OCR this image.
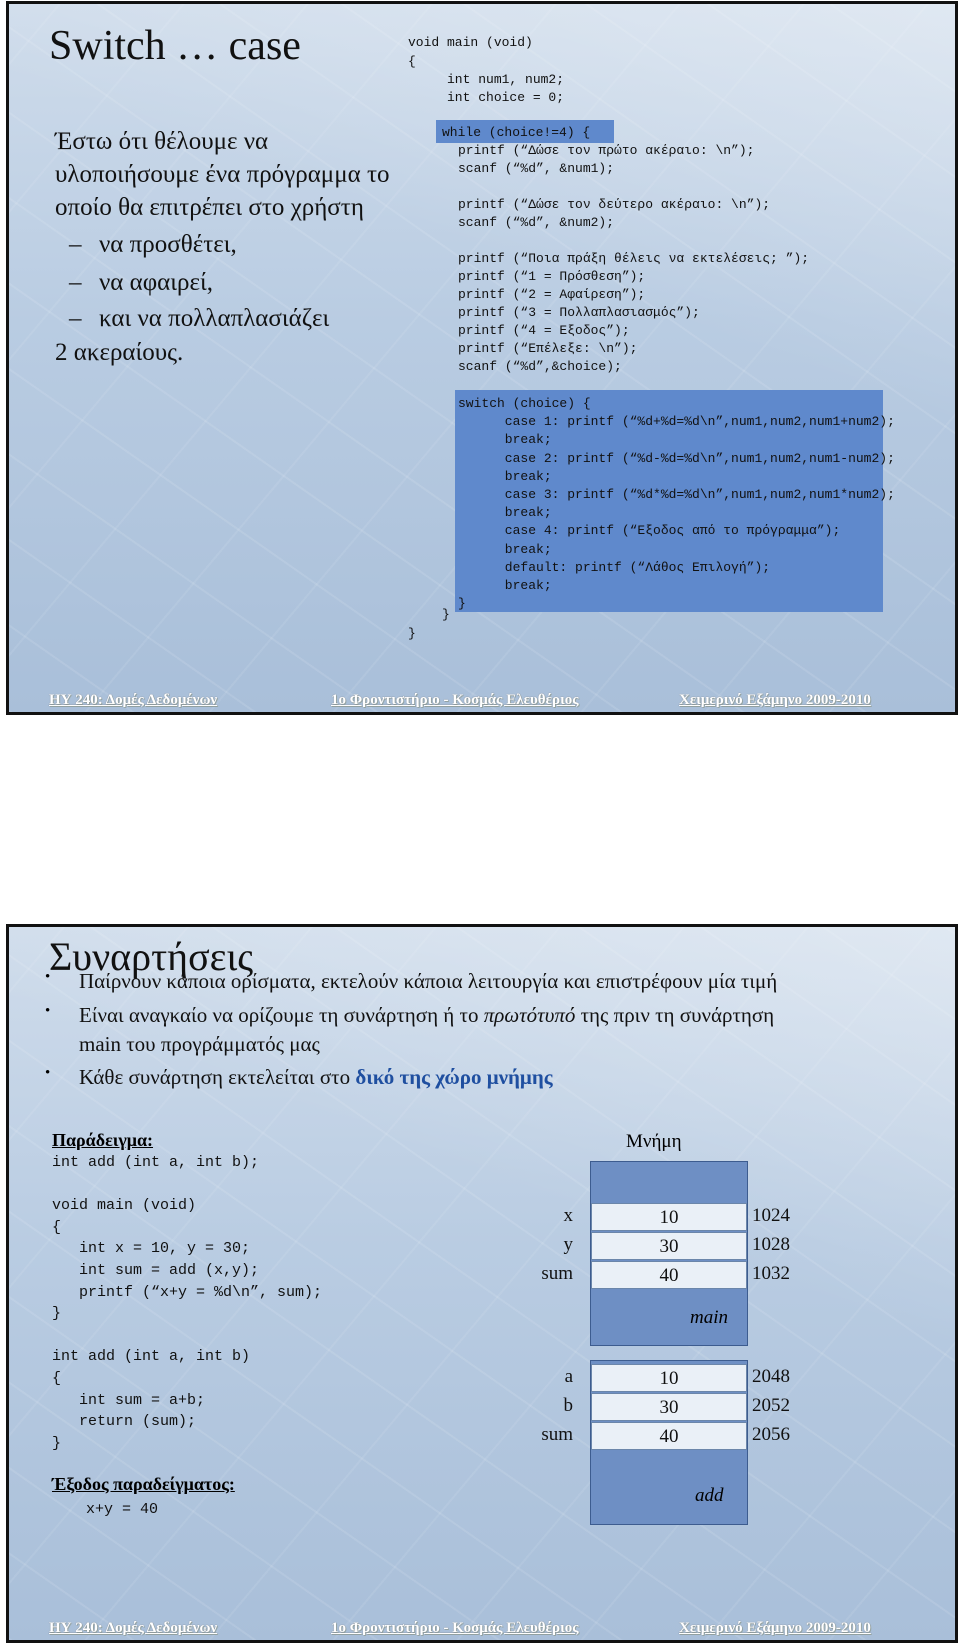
Switch … case
Έστω ότι θέλουμε να
υλοποιήσουμε ένα πρόγραμμα το
οποίο θα επιτρέπει στο χρήστη
– να προσθέτει,
– να αφαιρεί,
– και να πολλαπλασιάζει
2 ακεραίους.
void main (void)
{
int num1, num2;
int choice = 0;
while (choice!=4) {
printf (“Δώσε τον πρώτο ακέραιο: \n”);
scanf (“%d”, &num1);
printf (“Δώσε τον δεύτερο ακέραιο: \n”);
scanf (“%d”, &num2);
printf (“Ποια πράξη θέλεις να εκτελέσεις; ”);
printf (“1 = Πρόσθεση”);
printf (“2 = Αφαίρεση”);
printf (“3 = Πολλαπλασιασμός”);
printf (“4 = Εξοδος”);
printf (“Επέλεξε: \n”);
scanf (“%d”,&choice);
switch (choice) {
case 1: printf (“%d+%d=%d\n”,num1,num2,num1+num2);
break;
case 2: printf (“%d-%d=%d\n”,num1,num2,num1-num2);
break;
case 3: printf (“%d*%d=%d\n”,num1,num2,num1*num2);
break;
case 4: printf (“Εξοδος από το πρόγραμμα”);
break;
default: printf (“Λάθος Επιλογή”);
break;
}
}
}
ΗΥ 240: Δομές Δεδομένων	1ο Φροντιστήριο - Κοσμάς Ελευθέριος	Χειμερινό Εξάμηνο 2009-2010
Συναρτήσεις
• Παίρνουν κάποια ορίσματα, εκτελούν κάποια λειτουργία και επιστρέφουν μία τιμή
• Είναι αναγκαίο να ορίζουμε τη συνάρτηση ή το πρωτότυπό της πριν τη συνάρτηση
main του προγράμματός μας
• Κάθε συνάρτηση εκτελείται στο δικό της χώρο μνήμης
Παράδειγμα:
int add (int a, int b);
void main (void)
{
int x = 10, y = 30;
int sum = add (x,y);
printf (“x+y = %d\n”, sum);
}
int add (int a, int b)
{
int sum = a+b;
return (sum);
}
Έξοδος παραδείγματος:
x+y = 40
Μνήμη
x	10	1024
y	30	1028
sum	40	1032
a	10	2048
b	30	2052
sum	40	2056
main
add
ΗΥ 240: Δομές Δεδομένων	1ο Φροντιστήριο - Κοσμάς Ελευθέριος	Χειμερινό Εξάμηνο 2009-2010
